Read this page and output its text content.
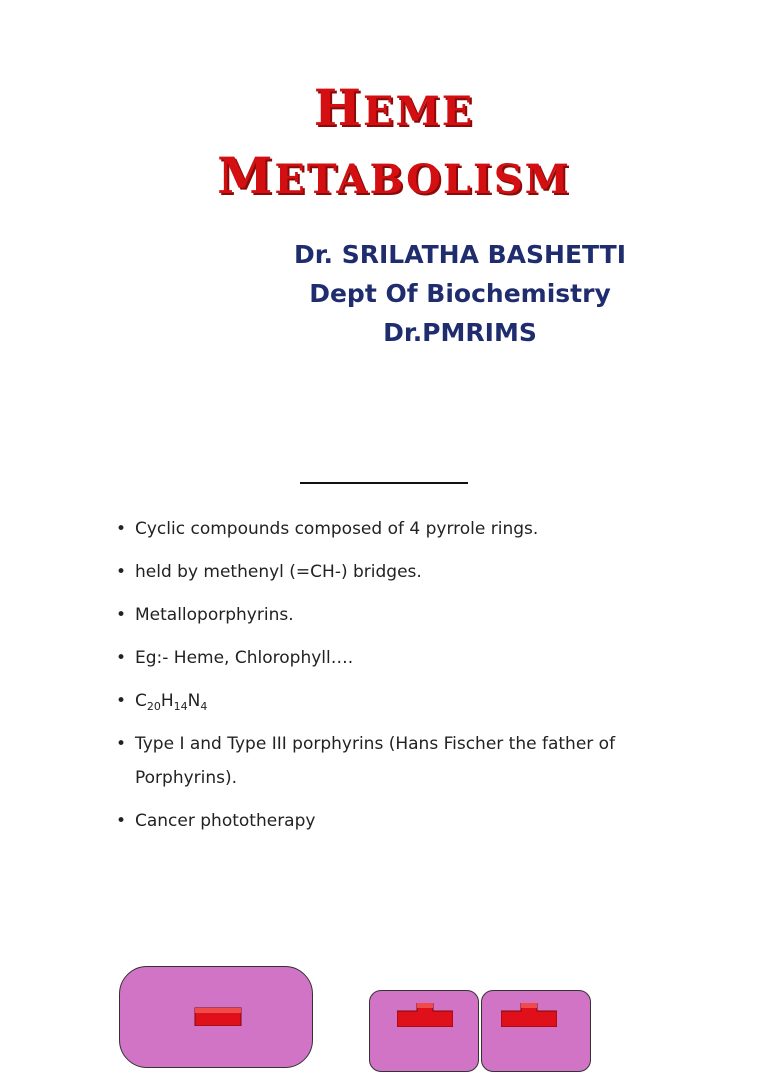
HEME
METABOLISM
Dr. SRILATHA BASHETTI
Dept Of Biochemistry
Dr.PMRIMS
• Cyclic compounds composed of 4 pyrrole rings.
• held by methenyl (=CH-) bridges.
• Metalloporphyrins.
• Eg:- Heme, Chlorophyll….
• $C_{20}H_{14}N_4$
• Type I and Type III porphyrins (Hans Fischer the father of Porphyrins).
• Cancer phototherapy
